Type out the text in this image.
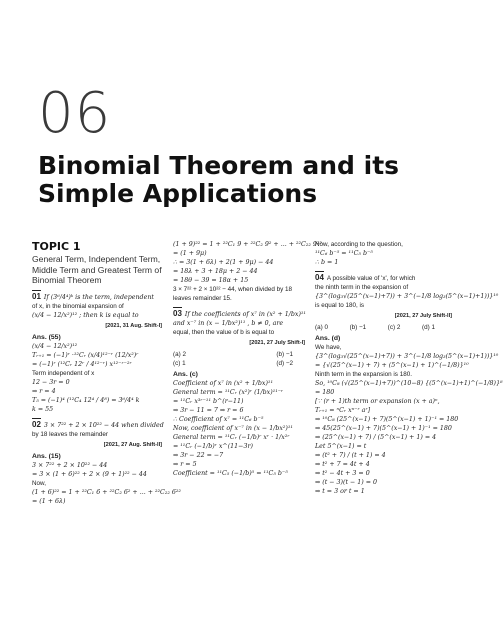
06
Binomial Theorem and its Simple Applications
TOPIC 1
General Term, Independent Term, Middle Term and Greatest Term of Binomial Theorem
01 If (3⁶/4⁴)ᵏ is the term, independent
of x, in the binomial expansion of
(x/4 − 12/x²)¹² ; then k is equal to
[2021, 31 Aug. Shift-I]
Ans. (55)
(x/4 − 12/x²)¹²
Tᵣ₊₁ = (−1)ʳ ·¹²Cᵣ (x/4)¹²⁻ʳ (12/x²)ʳ
= (−1)ʳ (¹²Cᵣ 12ʳ / 4¹²⁻ʳ) x¹²⁻ʳ⁻²ʳ
Term independent of x
12 − 3r = 0
⇒ r = 4
T₅ = (−1)⁴ (¹²C₄ 12⁴ / 4⁸) = 3⁶/4⁴ k
k = 55
02 3 × 7²² + 2 × 10²² − 44 when divided
by 18 leaves the remainder
[2021, 27 Aug. Shift-II]
Ans. (15)
3 × 7²² + 2 × 10²² − 44
= 3 × (1 + 6)²² + 2 × (9 + 1)²² − 44
Now,
(1 + 6)²² = 1 + ²²C₁ 6 + ²²C₂ 6² + ... + ²²C₂₂ 6²²
= (1 + 6λ)
(1 + 9)²² = 1 + ²²C₁ 9 + ²²C₂ 9² + ... + ²²C₂₂ 9²²
= (1 + 9μ)
∴ = 3(1 + 6λ) + 2(1 + 9μ) − 44
= 18λ + 3 + 18μ + 2 − 44
= 18θ − 39 = 18α + 15
3 × 7²² + 2 × 10²² − 44, when divided by 18
leaves remainder 15.
03 If the coefficients of x⁷ in (x² + 1/bx)¹¹
and x⁻⁷ in (x − 1/bx²)¹¹ , b ≠ 0, are
equal, then the value of b is equal to
[2021, 27 July Shift-I]
(a) 2	(b) −1
(c) 1	(d) −2
Ans. (c)
Coefficient of x⁷ in (x² + 1/bx)¹¹
General term = ¹¹Cᵣ (x²)ʳ (1/bx)¹¹⁻ʳ
= ¹¹Cᵣ x³ʳ⁻¹¹ b^(r−11)
⇒ 3r − 11 = 7 ⇒ r = 6
∴ Coefficient of x⁷ = ¹¹C₆ b⁻⁵
Now, coefficient of x⁻⁷ in (x − 1/bx²)¹¹
General term = ¹¹Cᵣ (−1/b)ʳ xʳ · 1/x²ʳ
= ¹¹Cᵣ (−1/b)ʳ x^(11−3r)
⇒ 3r − 22 = −7
⇒ r = 5
Coefficient = ¹¹C₅ (−1/b)⁵ = ¹¹C₅ b⁻⁵
Now, according to the question,
¹¹C₆ b⁻⁵ = ¹¹C₅ b⁻⁵
∴ b = 1
04 A possible value of 'x', for which
the ninth term in the expansion of
{3^(log₃√(25^(x−1)+7)) + 3^(−1/8 log₃(5^(x−1)+1))}¹⁰
is equal to 180, is
[2021, 27 July Shift-II]
(a) 0	(b) −1	(c) 2	(d) 1
Ans. (d)
We have,
{3^(log₃√(25^(x−1)+7)) + 3^(−1/8 log₃(5^(x−1)+1))}¹⁰
= {√(25^(x−1) + 7) + (5^(x−1) + 1)^(−1/8)}¹⁰
Ninth term in the expansion is 180.
So, ¹⁰C₈ (√(25^(x−1)+7))^(10−8) {(5^(x−1)+1)^(−1/8)}⁸
= 180
[∵ (r + 1)th term or expansion (x + a)ⁿ,
Tᵣ₊₁ = ⁿCᵣ xⁿ⁻ʳ aʳ]
⇒ ¹⁰C₈ (25^(x−1) + 7)(5^(x−1) + 1)⁻¹ = 180
⇒ 45(25^(x−1) + 7)(5^(x−1) + 1)⁻¹ = 180
⇒ (25^(x−1) + 7) / (5^(x−1) + 1) = 4
Let 5^(x−1) = t
⇒ (t² + 7) / (t + 1) = 4
⇒ t² + 7 = 4t + 4
⇒ t² − 4t + 3 = 0
⇒ (t − 3)(t − 1) = 0
⇒ t = 3 or t = 1
